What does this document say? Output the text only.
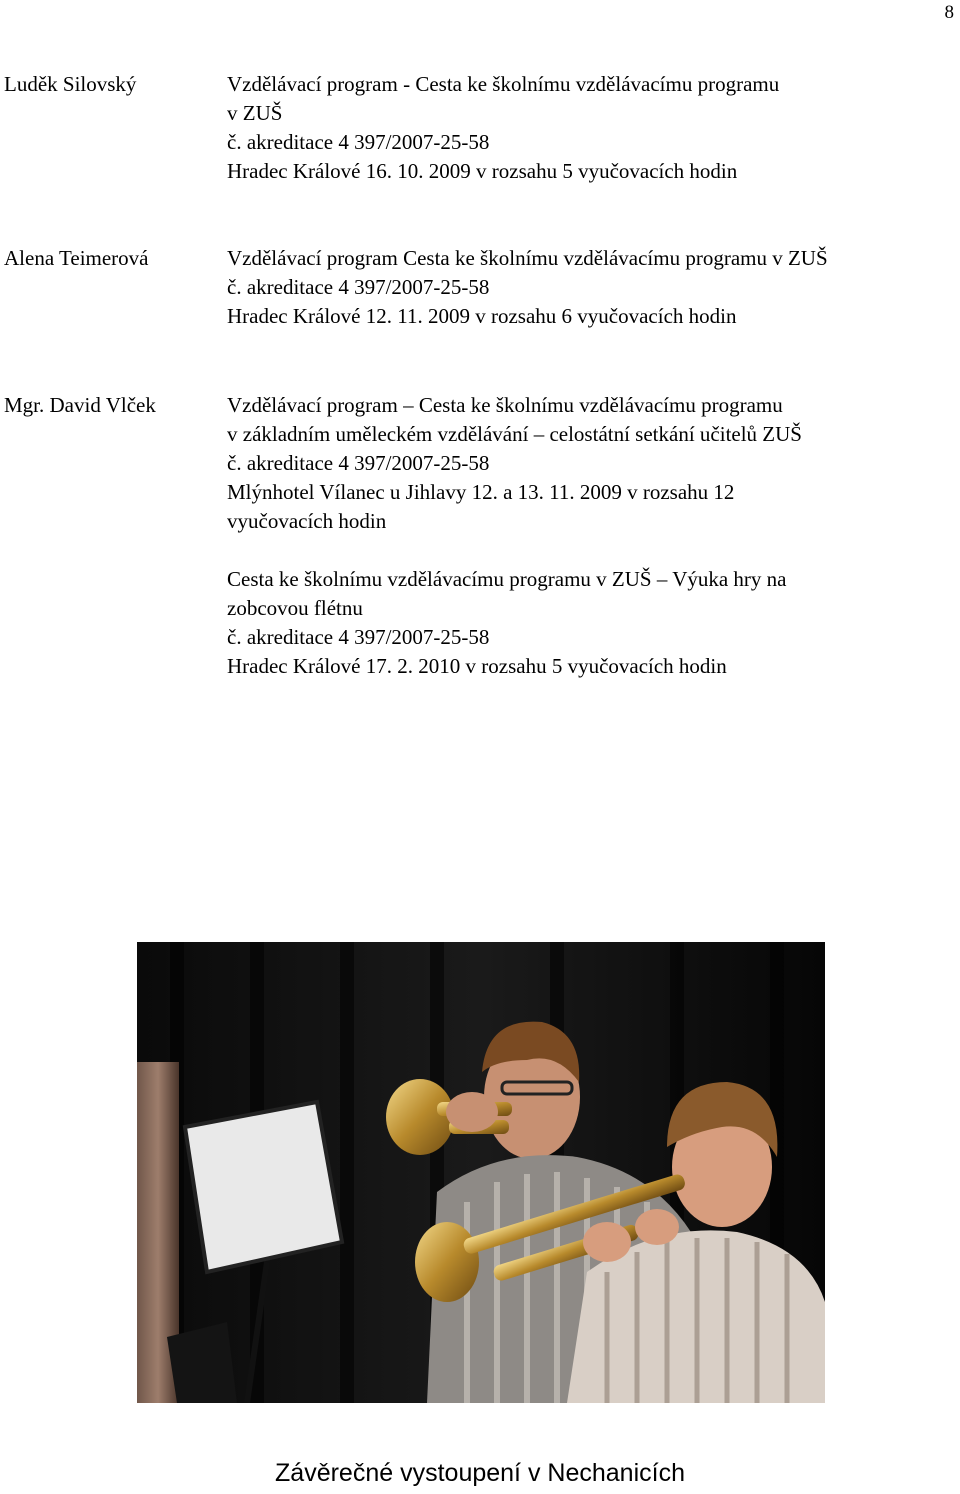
8
Luděk Silovský	Vzdělávací program - Cesta ke školnímu vzdělávacímu programu
v ZUŠ
č. akreditace 4 397/2007-25-58
Hradec Králové 16. 10. 2009 v rozsahu 5 vyučovacích hodin
Alena Teimerová	Vzdělávací program Cesta ke školnímu vzdělávacímu programu v ZUŠ
č. akreditace 4 397/2007-25-58
Hradec Králové 12. 11. 2009 v rozsahu 6 vyučovacích hodin
Mgr. David Vlček	Vzdělávací program – Cesta ke školnímu vzdělávacímu programu
v základním uměleckém vzdělávání – celostátní setkání učitelů ZUŠ
č. akreditace 4 397/2007-25-58
Mlýnhotel Vílanec u Jihlavy 12. a 13. 11. 2009 v rozsahu 12
vyučovacích hodin
Cesta ke školnímu vzdělávacímu programu v ZUŠ – Výuka hry na
zobcovou flétnu
č. akreditace 4 397/2007-25-58
Hradec Králové 17. 2. 2010 v rozsahu 5 vyučovacích hodin
Závěrečné vystoupení v Nechanicích
